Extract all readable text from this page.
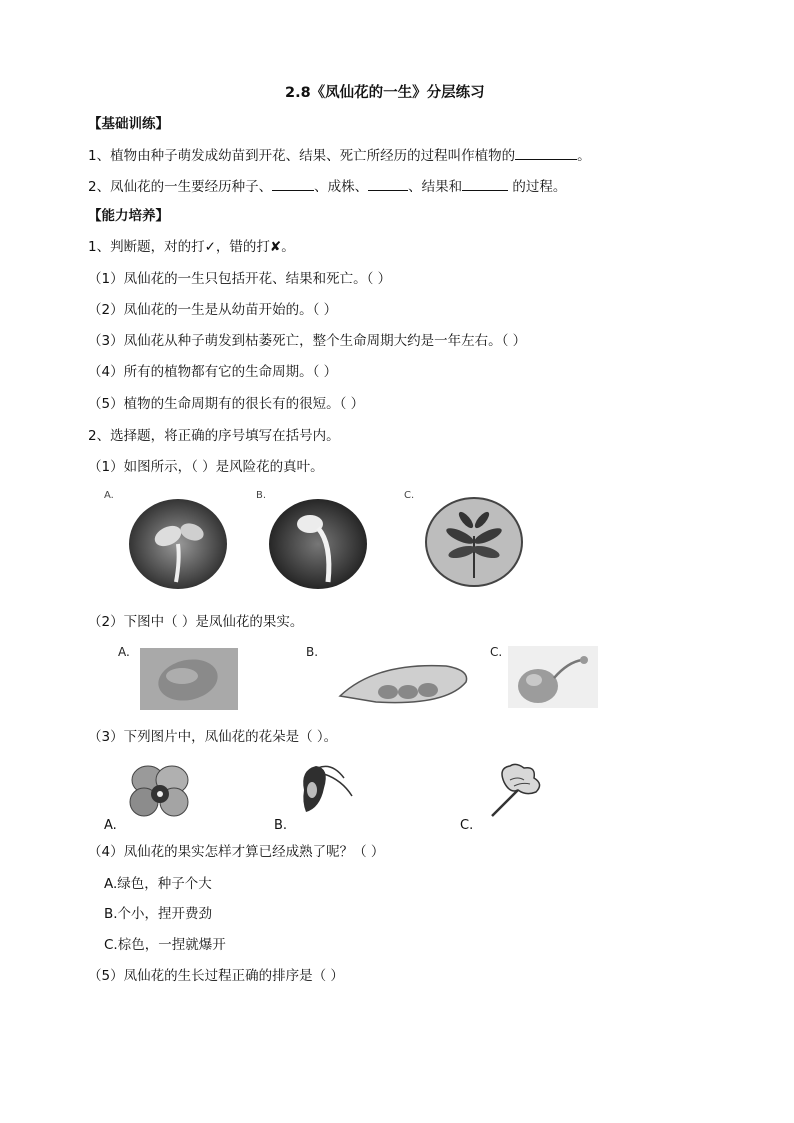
2.8《凤仙花的一生》分层练习
【基础训练】
1、植物由种子萌发成幼苗到开花、结果、死亡所经历的过程叫作植物的	。
2、凤仙花的一生要经历种子、	、成株、	、结果和	的过程。
【能力培养】
1、判断题，对的打✓，错的打✘。
（1）凤仙花的一生只包括开花、结果和死亡。（ ）
（2）凤仙花的一生是从幼苗开始的。（ ）
（3）凤仙花从种子萌发到枯萎死亡，整个生命周期大约是一年左右。（ ）
（4）所有的植物都有它的生命周期。（ ）
（5）植物的生命周期有的很长有的很短。（ ）
2、选择题，将正确的序号填写在括号内。
（1）如图所示，（ ）是风险花的真叶。
A.	B.	C.
（2）下图中（ ）是凤仙花的果实。
A.	B.	C.
（3）下列图片中，凤仙花的花朵是（ ）。
A.	B.	C.
（4）凤仙花的果实怎样才算已经成熟了呢？（ ）
A.绿色，种子个大
B.个小，捏开费劲
C.棕色，一捏就爆开
（5）凤仙花的生长过程正确的排序是（ ）
